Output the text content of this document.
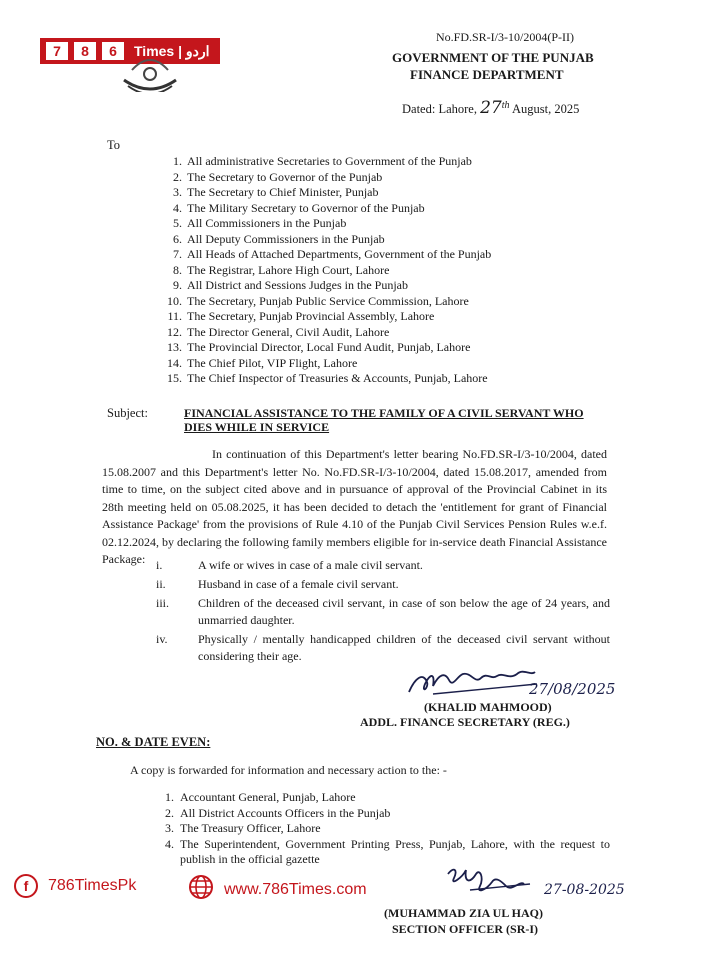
7	8	6	Times | اردو
No.FD.SR-I/3-10/2004(P-II)
GOVERNMENT OF THE PUNJAB
FINANCE DEPARTMENT
Dated: Lahore, 27th August, 2025
To
1. All administrative Secretaries to Government of the Punjab
2. The Secretary to Governor of the Punjab
3. The Secretary to Chief Minister, Punjab
4. The Military Secretary to Governor of the Punjab
5. All Commissioners in the Punjab
6. All Deputy Commissioners in the Punjab
7. All Heads of Attached Departments, Government of the Punjab
8. The Registrar, Lahore High Court, Lahore
9. All District and Sessions Judges in the Punjab
10. The Secretary, Punjab Public Service Commission, Lahore
11. The Secretary, Punjab Provincial Assembly, Lahore
12. The Director General, Civil Audit, Lahore
13. The Provincial Director, Local Fund Audit, Punjab, Lahore
14. The Chief Pilot, VIP Flight, Lahore
15. The Chief Inspector of Treasuries & Accounts, Punjab, Lahore
Subject:	FINANCIAL ASSISTANCE TO THE FAMILY OF A CIVIL SERVANT WHO DIES WHILE IN SERVICE
In continuation of this Department's letter bearing No.FD.SR-I/3-10/2004, dated 15.08.2007 and this Department's letter No. No.FD.SR-I/3-10/2004, dated 15.08.2017, amended from time to time, on the subject cited above and in pursuance of approval of the Provincial Cabinet in its 28th meeting held on 05.08.2025, it has been decided to detach the 'entitlement for grant of Financial Assistance Package' from the provisions of Rule 4.10 of the Punjab Civil Services Pension Rules w.e.f. 02.12.2024, by declaring the following family members eligible for in-service death Financial Assistance Package: i.	A wife or wives in case of a male civil servant.
ii.	Husband in case of a female civil servant.
iii.	Children of the deceased civil servant, in case of son below the age of 24 years, and unmarried daughter.
iv.	Physically / mentally handicapped children of the deceased civil servant without considering their age.
27/08/2025
(KHALID MAHMOOD)
ADDL. FINANCE SECRETARY (REG.)
NO. & DATE EVEN:
A copy is forwarded for information and necessary action to the: -
1. Accountant General, Punjab, Lahore
2. All District Accounts Officers in the Punjab
3. The Treasury Officer, Lahore
4. The Superintendent, Government Printing Press, Punjab, Lahore, with the request to publish in the official gazette
f	786TimesPk	www.786Times.com	27-08-2025
(MUHAMMAD ZIA UL HAQ)
SECTION OFFICER (SR-I)
